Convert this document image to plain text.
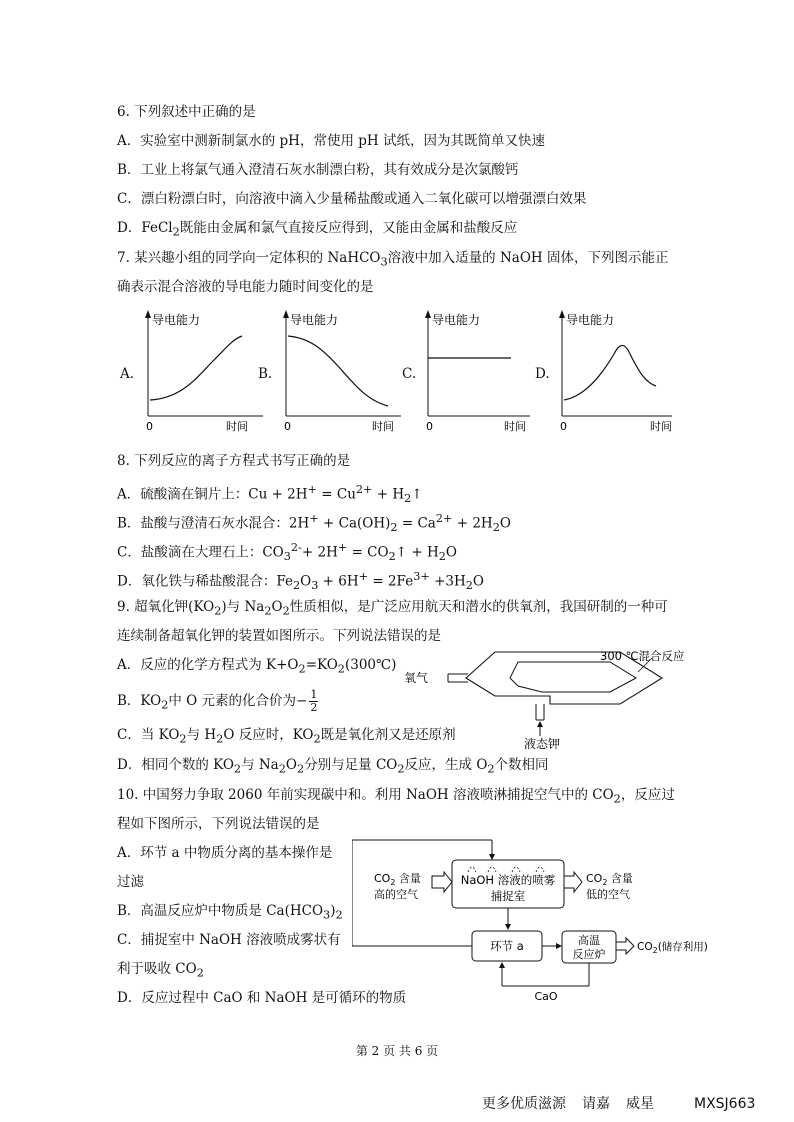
6. 下列叙述中正确的是
A．实验室中测新制氯水的 pH，常使用 pH 试纸，因为其既简单又快速
B．工业上将氯气通入澄清石灰水制漂白粉，其有效成分是次氯酸钙
C．漂白粉漂白时，向溶液中滴入少量稀盐酸或通入二氧化碳可以增强漂白效果
D．FeCl$_2$既能由金属和氯气直接反应得到，又能由金属和盐酸反应
7. 某兴趣小组的同学向一定体积的 NaHCO$_3$溶液中加入适量的 NaOH 固体，下列图示能正
确表示混合溶液的导电能力随时间变化的是
A.	B.	C.	D.
导电能力
0	时间
导电能力
0	时间
导电能力
0	时间
导电能力
0	时间
8. 下列反应的离子方程式书写正确的是
A．硫酸滴在铜片上：$Cu + 2H^+ = Cu^{2+}$ + $H_2↑$
B．盐酸与澄清石灰水混合：$2H^+ + Ca(OH)_2 = Ca^{2+} + 2H_2O$
C．盐酸滴在大理石上：$CO_3^{2-}+ 2H^+$ = $CO_2↑ + H_2O$
D．氧化铁与稀盐酸混合：$Fe_2O_3 + 6H^+ = 2Fe^{3+} +3H_2O$
9. 超氧化钾$(KO_2)$与 $Na_2O_2$性质相似，是广泛应用航天和潜水的供氧剂，我国研制的一种可
连续制备超氧化钾的装置如图所示。下列说法错误的是
A．反应的化学方程式为 $K+O_2=KO_2(300℃)$
B．$KO_2$中 O 元素的化合价为− $\frac{1}{2}$
C．当 $KO_2$与 $H_2O$ 反应时，$KO_2$既是氧化剂又是还原剂
D．相同个数的 $KO_2$与 $Na_2O_2$分别与足量 $CO_2$反应，生成 $O_2$个数相同
300 ℃混合反应
氧气
液态钾
10. 中国努力争取 2060 年前实现碳中和。利用 NaOH 溶液喷淋捕捉空气中的 $CO_2$，反应过
程如下图所示，下列说法错误的是
A．环节 a 中物质分离的基本操作是
过滤
B．高温反应炉中物质是 $Ca(HCO_3)_2$
C．捕捉室中 NaOH 溶液喷成雾状有
利于吸收 $CO_2$
D．反应过程中 CaO 和 NaOH 是可循环的物质
NaOH 溶液的喷雾
捕捉室
$CO_2$ 含量
高的空气
$CO_2$ 含量
低的空气
环节 a	高温
反应炉
$CO_2$(储存利用)
CaO
第 2 页 共 6 页
更多优质滋源 请嘉 威星	MXSJ663
